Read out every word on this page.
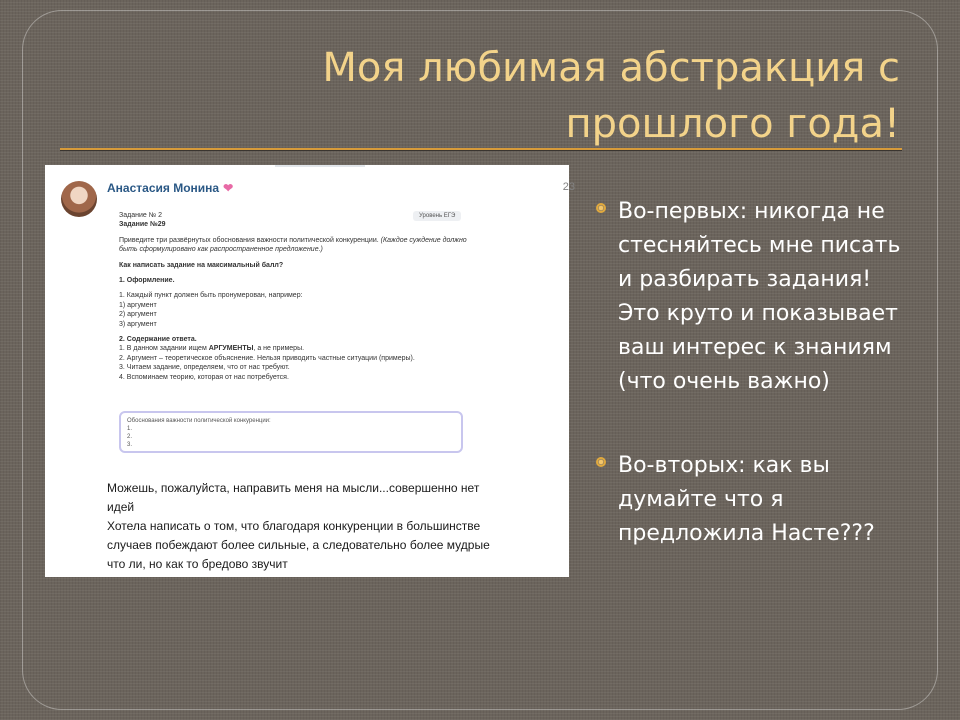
Моя любимая абстракция с прошлого года!
Анастасия Монина ❤	23
Уровень ЕГЭ

Задание № 2

Задание №29

Приведите три развёрнутых обоснования важности политической конкуренции. (Каждое суждение должно быть сформулировано как распространенное предложение.)

Как написать задание на максимальный балл?

1. Оформление.

1. Каждый пункт должен быть пронумерован, например:

1) аргумент

2) аргумент

3) аргумент

2. Содержание ответа.

1. В данном задании ищем АРГУМЕНТЫ, а не примеры.

2. Аргумент – теоретическое объяснение. Нельзя приводить частные ситуации (примеры).

3. Читаем задание, определяем, что от нас требуют.

4. Вспоминаем теорию, которая от нас потребуется.

Обоснования важности политической конкуренции:
1.
2.
3.

Можешь, пожалуйста, направить меня на мысли...совершенно нет

идей

Хотела написать о том, что благодаря конкуренции в большинстве

случаев побеждают более сильные, а следовательно более мудрые

что ли, но как то бредово звучит

Во-первых: никогда не стесняйтесь мне писать и разбирать задания! Это круто и показывает ваш интерес к знаниям (что очень важно)
Во-вторых: как вы думайте что я предложила Насте???
